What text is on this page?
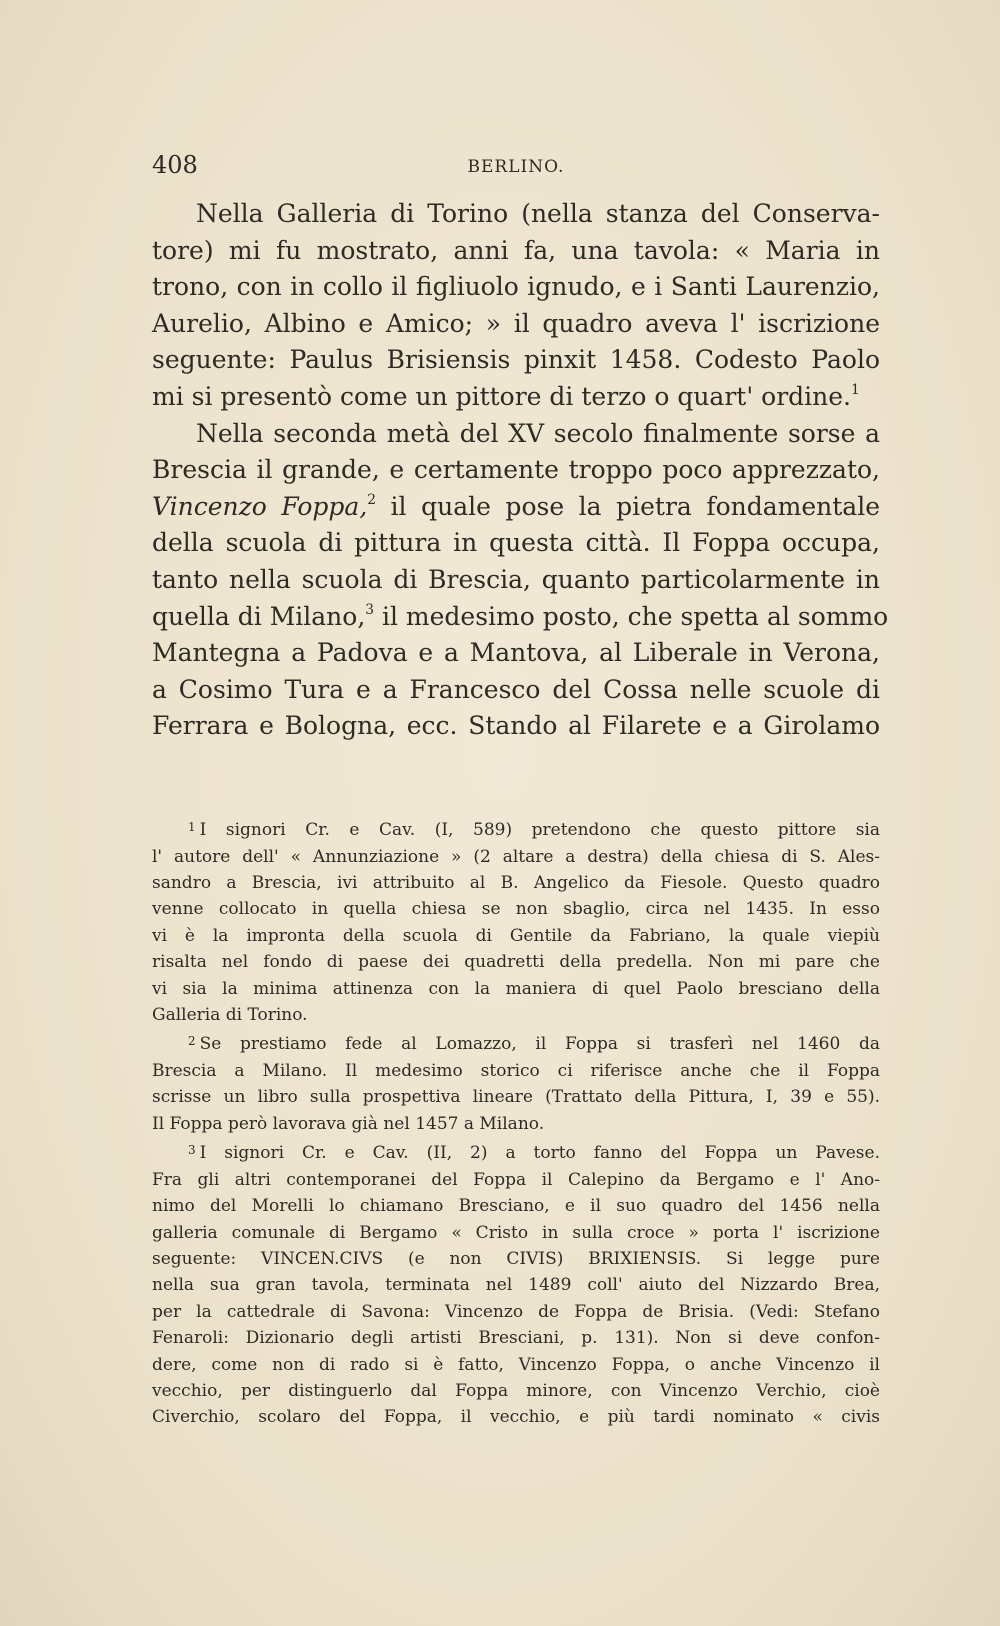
408	BERLINO.
Nella Galleria di Torino (nella stanza del Conserva-
tore) mi fu mostrato, anni fa, una tavola: « Maria in
trono, con in collo il figliuolo ignudo, e i Santi Laurenzio,
Aurelio, Albino e Amico; » il quadro aveva l' iscrizione
seguente: Paulus Brisiensis pinxit 1458. Codesto Paolo
mi si presentò come un pittore di terzo o quart' ordine.$^1$
Nella seconda metà del XV secolo finalmente sorse a
Brescia il grande, e certamente troppo poco apprezzato,
Vincenzo Foppa,$^2$ il quale pose la pietra fondamentale
della scuola di pittura in questa città. Il Foppa occupa,
tanto nella scuola di Brescia, quanto particolarmente in
quella di Milano,$^3$ il medesimo posto, che spetta al sommo
Mantegna a Padova e a Mantova, al Liberale in Verona,
a Cosimo Tura e a Francesco del Cossa nelle scuole di
Ferrara e Bologna, ecc. Stando al Filarete e a Girolamo
$^1$ I signori Cr. e Cav. (I, 589) pretendono che questo pittore sia
l' autore dell' « Annunziazione » (2 altare a destra) della chiesa di S. Ales-
sandro a Brescia, ivi attribuito al B. Angelico da Fiesole. Questo quadro
venne collocato in quella chiesa se non sbaglio, circa nel 1435. In esso
vi è la impronta della scuola di Gentile da Fabriano, la quale viepiù
risalta nel fondo di paese dei quadretti della predella. Non mi pare che
vi sia la minima attinenza con la maniera di quel Paolo bresciano della
Galleria di Torino.
$^2$ Se prestiamo fede al Lomazzo, il Foppa si trasferì nel 1460 da
Brescia a Milano. Il medesimo storico ci riferisce anche che il Foppa
scrisse un libro sulla prospettiva lineare (Trattato della Pittura, I, 39 e 55).
Il Foppa però lavorava già nel 1457 a Milano.
$^3$ I signori Cr. e Cav. (II, 2) a torto fanno del Foppa un Pavese.
Fra gli altri contemporanei del Foppa il Calepino da Bergamo e l' Ano-
nimo del Morelli lo chiamano Bresciano, e il suo quadro del 1456 nella
galleria comunale di Bergamo « Cristo in sulla croce » porta l' iscrizione
seguente: VINCEN.CIVS (e non CIVIS) BRIXIENSIS. Si legge pure
nella sua gran tavola, terminata nel 1489 coll' aiuto del Nizzardo Brea,
per la cattedrale di Savona: Vincenzo de Foppa de Brisia. (Vedi: Stefano
Fenaroli: Dizionario degli artisti Bresciani, p. 131). Non si deve confon-
dere, come non di rado si è fatto, Vincenzo Foppa, o anche Vincenzo il
vecchio, per distinguerlo dal Foppa minore, con Vincenzo Verchio, cioè
Civerchio, scolaro del Foppa, il vecchio, e più tardi nominato « civis
